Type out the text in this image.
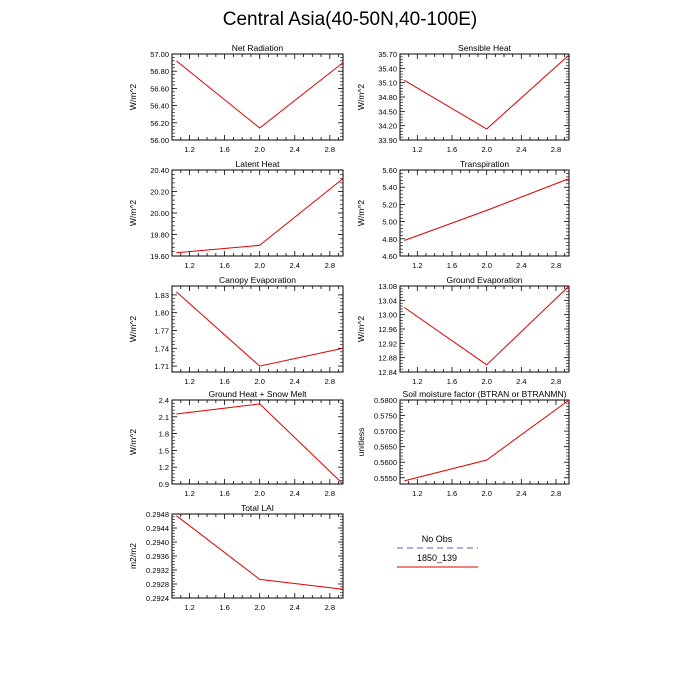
Central Asia(40-50N,40-100E)
Net Radiation
W/m^2
1.2	1.6	2.0	2.4	2.8
56.00
56.20
56.40
56.60
56.80
57.00
Sensible Heat
W/m^2
1.2	1.6	2.0	2.4	2.8
33.90
34.20
34.50
34.80
35.10
35.40
35.70
Latent Heat
W/m^2
1.2	1.6	2.0	2.4	2.8
19.60
19.80
20.00
20.20
20.40
Transpiration
W/m^2
1.2	1.6	2.0	2.4	2.8
4.60
4.80
5.00
5.20
5.40
5.60
Canopy Evaporation
W/m^2
1.2	1.6	2.0	2.4	2.8
1.71
1.74
1.77
1.80
1.83
Ground Evaporation
W/m^2
1.2	1.6	2.0	2.4	2.8
12.84
12.88
12.92
12.96
13.00
13.04
13.08
Ground Heat + Snow Melt
W/m^2
1.2	1.6	2.0	2.4	2.8
0.9
1.2
1.5
1.8
2.1
2.4
Soil moisture factor (BTRAN or BTRANMN)
unitless
1.2	1.6	2.0	2.4	2.8
0.5550
0.5600
0.5650
0.5700
0.5750
0.5800
Total LAI
m2/m2
1.2	1.6	2.0	2.4	2.8
0.2924
0.2928
0.2932
0.2936
0.2940
0.2944
0.2948
No Obs
1850_139
